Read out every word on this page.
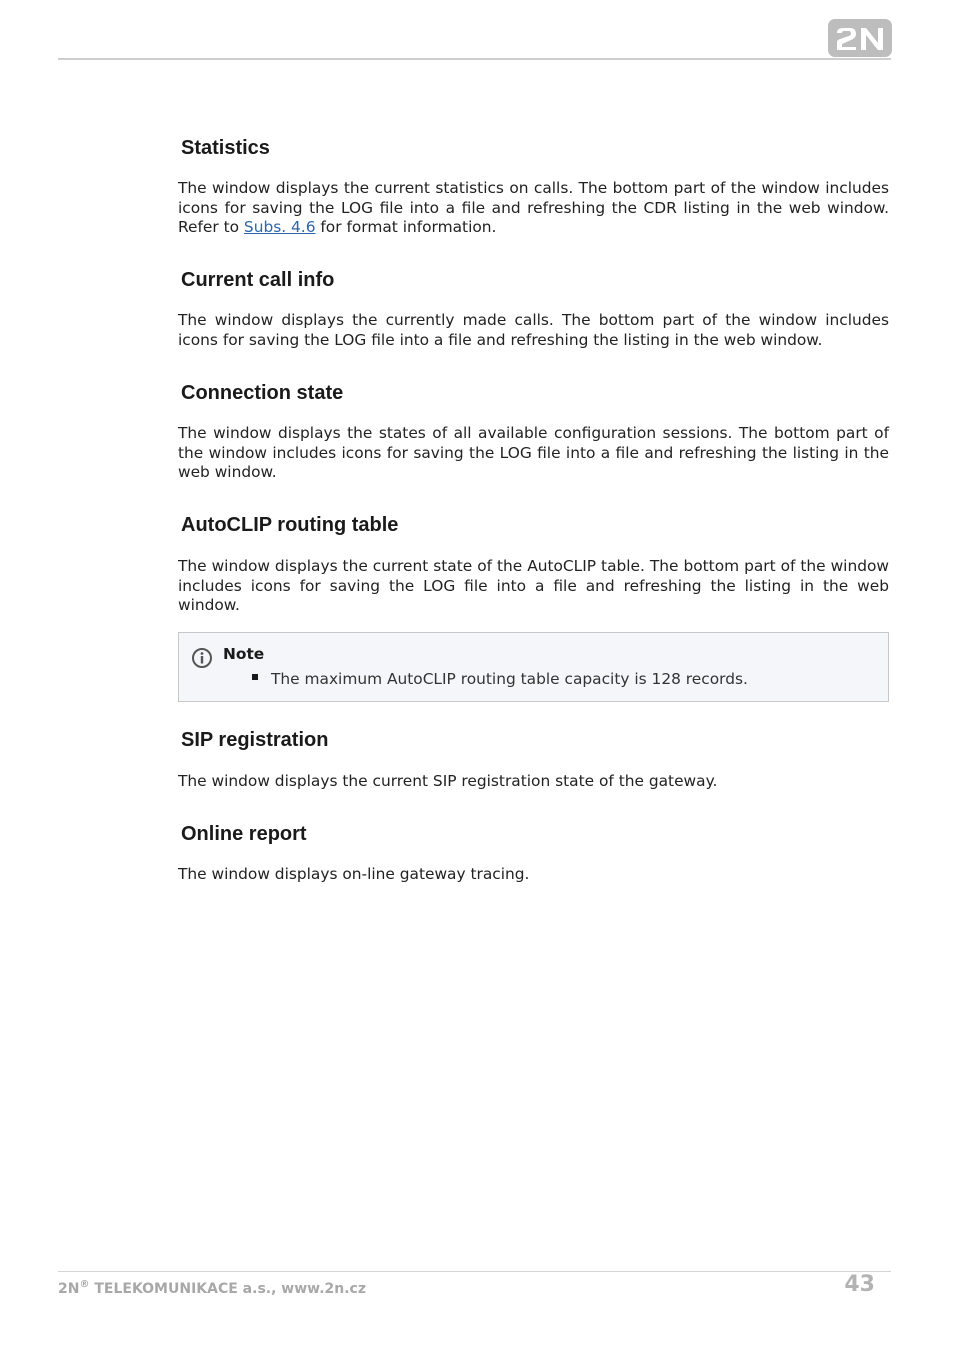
Statistics

The window displays the current statistics on calls. The bottom part of the window includes icons for saving the LOG file into a file and refreshing the CDR listing in the web window. Refer to Subs. 4.6 for format information.

Current call info

The window displays the currently made calls. The bottom part of the window includes icons for saving the LOG file into a file and refreshing the listing in the web window.

Connection state

The window displays the states of all available configuration sessions. The bottom part of the window includes icons for saving the LOG file into a file and refreshing the listing in the web window.

AutoCLIP routing table

The window displays the current state of the AutoCLIP table. The bottom part of the window includes icons for saving the LOG file into a file and refreshing the listing in the web window.

Note
The maximum AutoCLIP routing table capacity is 128 records.
SIP registration

The window displays the current SIP registration state of the gateway.

Online report

The window displays on-line gateway tracing.

2N® TELEKOMUNIKACE a.s., www.2n.cz	43
